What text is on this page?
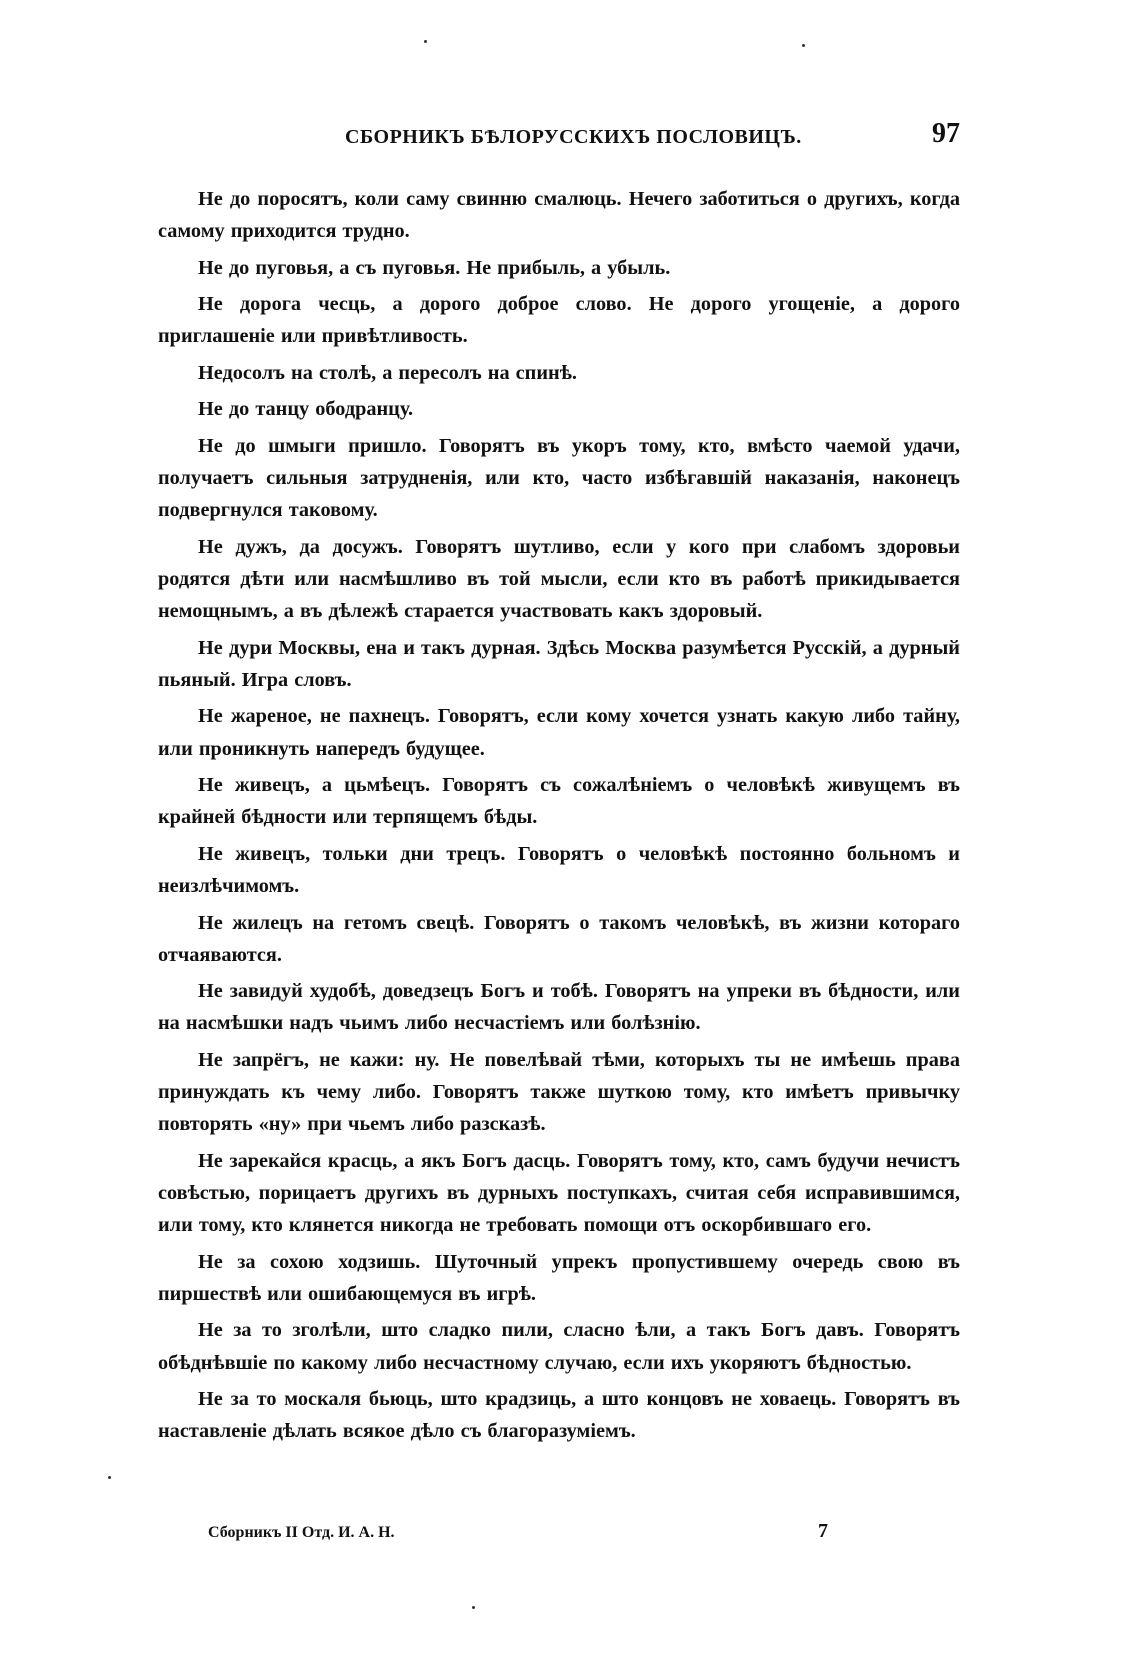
СБОРНИКЪ БѢЛОРУССКИХЪ ПОСЛОВИЦЪ.	97

Не до поросятъ, коли саму свинню смалюць. Нечего заботиться о другихъ, когда самому приходится трудно.

Не до пуговья, а съ пуговья. Не прибыль, а убыль.

Не дорога чесць, а дорого доброе слово. Не дорого угощеніе, а дорого приглашеніе или привѣтливость.

Недосолъ на столѣ, а пересолъ на спинѣ.

Не до танцу ободранцу.

Не до шмыги пришло. Говорятъ въ укоръ тому, кто, вмѣсто чаемой удачи, получаетъ сильныя затрудненія, или кто, часто избѣгавшій наказанія, наконецъ подвергнулся таковому.

Не дужъ, да досужъ. Говорятъ шутливо, если у кого при слабомъ здоровьи родятся дѣти или насмѣшливо въ той мысли, если кто въ работѣ прикидывается немощнымъ, а въ дѣлежѣ старается участвовать какъ здоровый.

Не дури Москвы, ена и такъ дурная. Здѣсь Москва разумѣется Русскій, а дурный пьяный. Игра словъ.

Не жареное, не пахнецъ. Говорятъ, если кому хочется узнать какую либо тайну, или проникнуть напередъ будущее.

Не живецъ, а цьмѣецъ. Говорятъ съ сожалѣніемъ о человѣкѣ живущемъ въ крайней бѣдности или терпящемъ бѣды.

Не живецъ, тольки дни трецъ. Говорятъ о человѣкѣ постоянно больномъ и неизлѣчимомъ.

Не жилецъ на гетомъ свецѣ. Говорятъ о такомъ человѣкѣ, въ жизни котораго отчаяваются.

Не завидуй худобѣ, доведзецъ Богъ и тобѣ. Говорятъ на упреки въ бѣдности, или на насмѣшки надъ чьимъ либо несчастіемъ или болѣзнію.

Не запрёгъ, не кажи: ну. Не повелѣвай тѣми, которыхъ ты не имѣешь права принуждать къ чему либо. Говорятъ также шуткою тому, кто имѣетъ привычку повторять «ну» при чьемъ либо разсказѣ.

Не зарекайся красць, а якъ Богъ дасць. Говорятъ тому, кто, самъ будучи нечистъ совѣстью, порицаетъ другихъ въ дурныхъ поступкахъ, считая себя исправившимся, или тому, кто клянется никогда не требовать помощи отъ оскорбившаго его.

Не за сохою ходзишь. Шуточный упрекъ пропустившему очередь свою въ пиршествѣ или ошибающемуся въ игрѣ.

Не за то зголѣли, што сладко пили, сласно ѣли, а такъ Богъ давъ. Говорятъ обѣднѣвшіе по какому либо несчастному случаю, если ихъ укоряютъ бѣдностью.

Не за то москаля бьюць, што крадзиць, а што концовъ не ховаець. Говорятъ въ наставленіе дѣлать всякое дѣло съ благоразуміемъ.

Сборникъ II Отд. И. А. Н.	7
